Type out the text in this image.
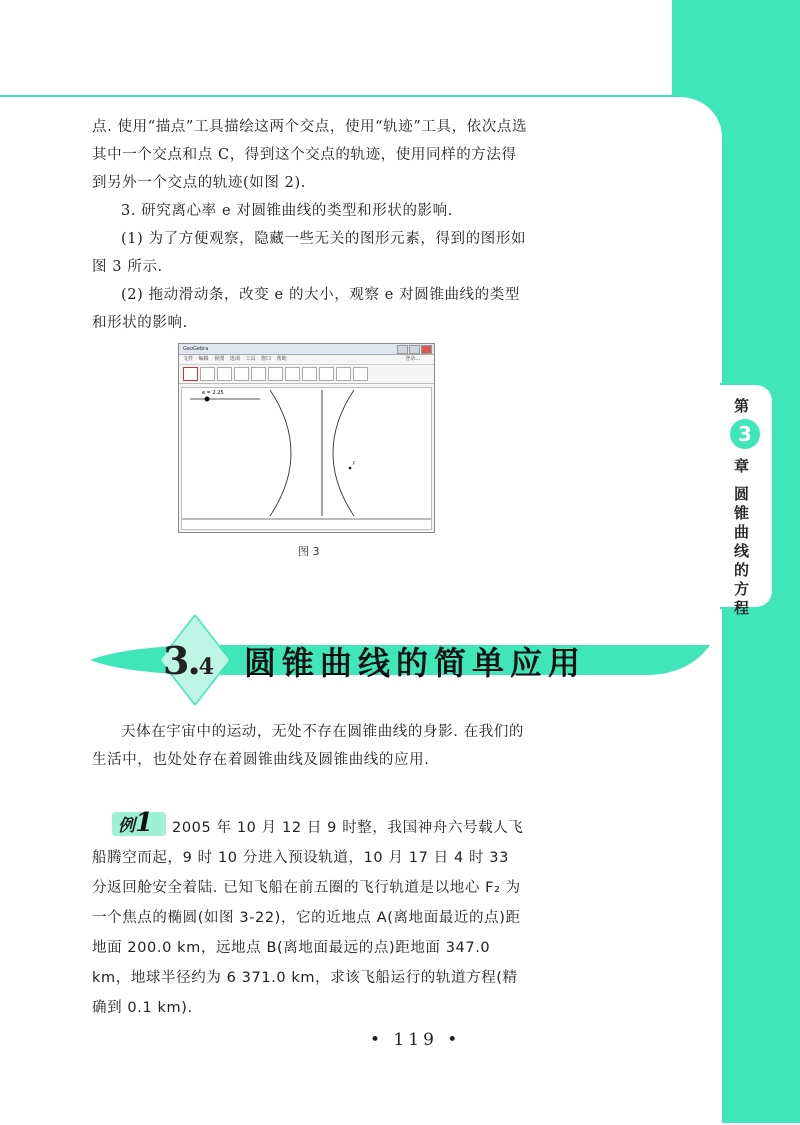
第
3
章
圆锥曲线的方程

点. 使用“描点”工具描绘这两个交点，使用“轨迹”工具，依次点选其中一个交点和点 C，得到这个交点的轨迹，使用同样的方法得到另外一个交点的轨迹(如图 2).

3. 研究离心率 e 对圆锥曲线的类型和形状的影响.

(1) 为了方便观察，隐藏一些无关的图形元素，得到的图形如图 3 所示.

(2) 拖动滑动条，改变 e 的大小，观察 e 对圆锥曲线的类型和形状的影响.

GeoGebra
文件 编辑 视图 选项 工具 窗口 帮助	登录...
e = 2.25
F
图 3
3.4 圆锥曲线的简单应用
天体在宇宙中的运动，无处不存在圆锥曲线的身影. 在我们的生活中，也处处存在着圆锥曲线及圆锥曲线的应用.
例1	2005 年 10 月 12 日 9 时整，我国神舟六号载人飞船腾空而起，9 时 10 分进入预设轨道，10 月 17 日 4 时 33 分返回舱安全着陆. 已知飞船在前五圈的飞行轨道是以地心 F₂ 为一个焦点的椭圆(如图 3-22)，它的近地点 A(离地面最近的点)距地面 200.0 km，远地点 B(离地面最远的点)距地面 347.0 km，地球半径约为 6 371.0 km，求该飞船运行的轨道方程(精确到 0.1 km).
• 119 •
